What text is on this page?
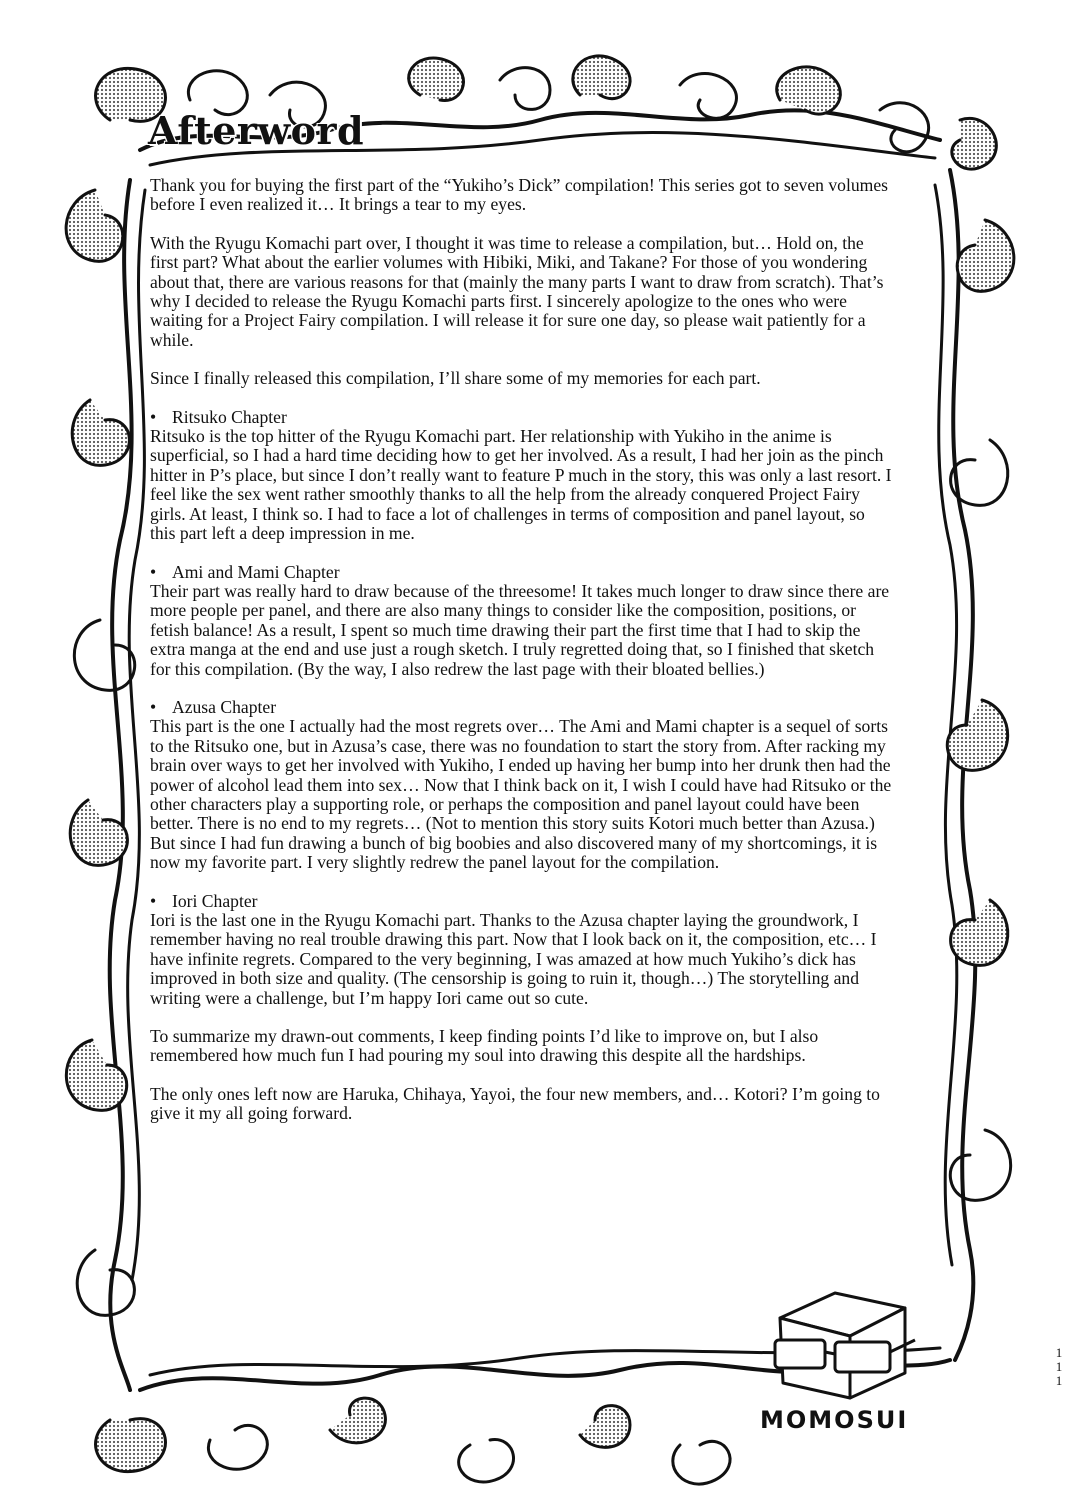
Afterword

Thank you for buying the first part of the “Yukiho’s Dick” compilation! This series got to seven volumes before I even realized it… It brings a tear to my eyes.

With the Ryugu Komachi part over, I thought it was time to release a compilation, but… Hold on, the first part? What about the earlier volumes with Hibiki, Miki, and Takane? For those of you wondering about that, there are various reasons for that (mainly the many parts I want to draw from scratch). That’s why I decided to release the Ryugu Komachi parts first. I sincerely apologize to the ones who were waiting for a Project Fairy compilation. I will release it for sure one day, so please wait patiently for a while.

Since I finally released this compilation, I’ll share some of my memories for each part.

• Ritsuko Chapter
Ritsuko is the top hitter of the Ryugu Komachi part. Her relationship with Yukiho in the anime is superficial, so I had a hard time deciding how to get her involved. As a result, I had her join as the pinch hitter in P’s place, but since I don’t really want to feature P much in the story, this was only a last resort. I feel like the sex went rather smoothly thanks to all the help from the already conquered Project Fairy girls. At least, I think so. I had to face a lot of challenges in terms of composition and panel layout, so this part left a deep impression in me.
• Ami and Mami Chapter
Their part was really hard to draw because of the threesome! It takes much longer to draw since there are more people per panel, and there are also many things to consider like the composition, positions, or fetish balance! As a result, I spent so much time drawing their part the first time that I had to skip the extra manga at the end and use just a rough sketch. I truly regretted doing that, so I finished that sketch for this compilation. (By the way, I also redrew the last page with their bloated bellies.)
• Azusa Chapter
This part is the one I actually had the most regrets over… The Ami and Mami chapter is a sequel of sorts to the Ritsuko one, but in Azusa’s case, there was no foundation to start the story from. After racking my brain over ways to get her involved with Yukiho, I ended up having her bump into her drunk then had the power of alcohol lead them into sex… Now that I think back on it, I wish I could have had Ritsuko or the other characters play a supporting role, or perhaps the composition and panel layout could have been better. There is no end to my regrets… (Not to mention this story suits Kotori much better than Azusa.) But since I had fun drawing a bunch of big boobies and also discovered many of my shortcomings, it is now my favorite part. I very slightly redrew the panel layout for the compilation.
• Iori Chapter
Iori is the last one in the Ryugu Komachi part. Thanks to the Azusa chapter laying the groundwork, I remember having no real trouble drawing this part. Now that I look back on it, the composition, etc… I have infinite regrets. Compared to the very beginning, I was amazed at how much Yukiho’s dick has improved in both size and quality. (The censorship is going to ruin it, though…) The storytelling and writing were a challenge, but I’m happy Iori came out so cute.

To summarize my drawn-out comments, I keep finding points I’d like to improve on, but I also remembered how much fun I had pouring my soul into drawing this despite all the hardships.

The only ones left now are Haruka, Chihaya, Yayoi, the four new members, and… Kotori? I’m going to give it my all going forward.

MOMOSUI
1
1
1
